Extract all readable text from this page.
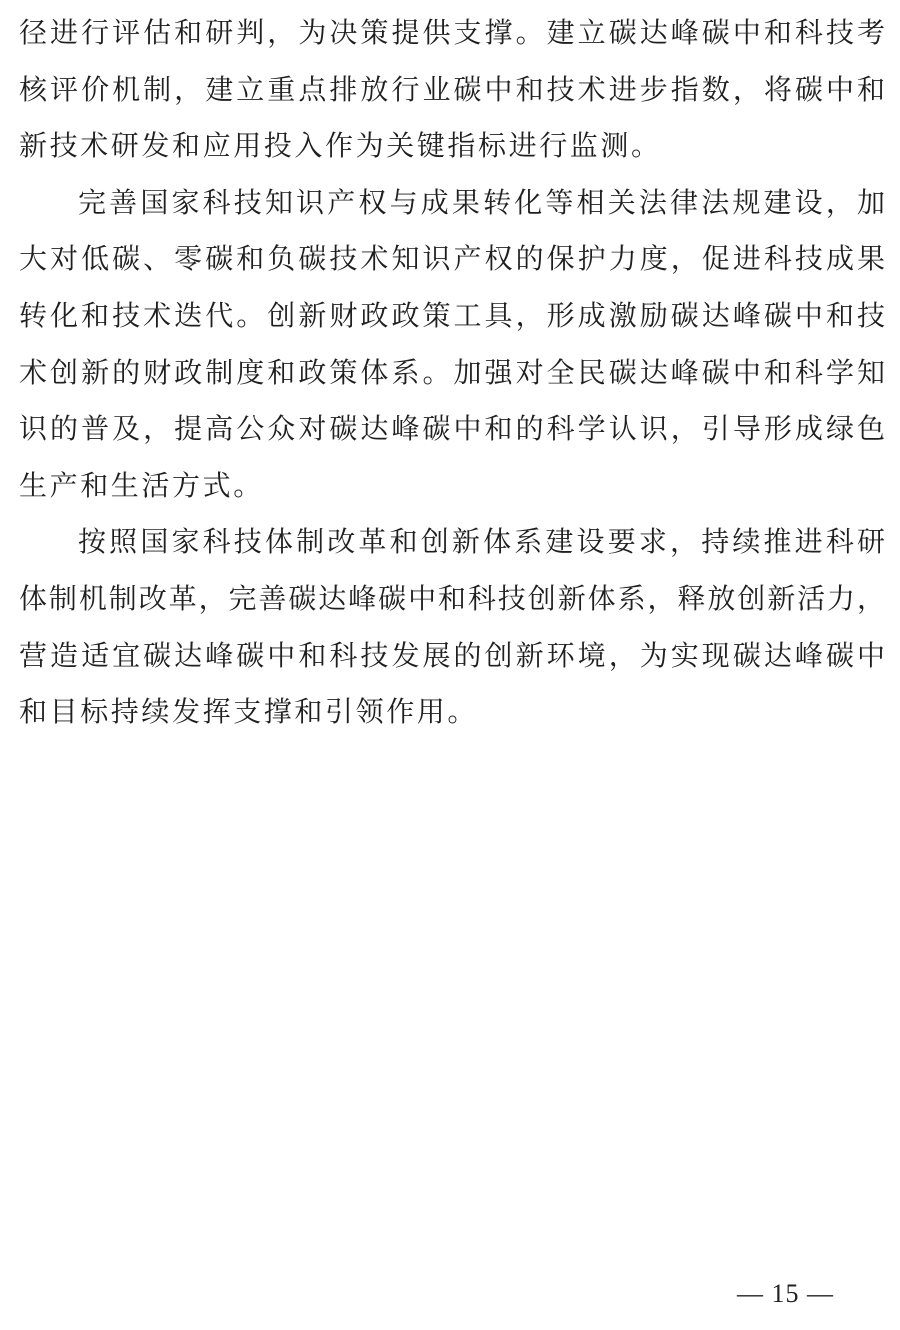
径进行评估和研判，为决策提供支撑。建立碳达峰碳中和科技考
核评价机制，建立重点排放行业碳中和技术进步指数，将碳中和
新技术研发和应用投入作为关键指标进行监测。
完善国家科技知识产权与成果转化等相关法律法规建设，加
大对低碳、零碳和负碳技术知识产权的保护力度，促进科技成果
转化和技术迭代。创新财政政策工具，形成激励碳达峰碳中和技
术创新的财政制度和政策体系。加强对全民碳达峰碳中和科学知
识的普及，提高公众对碳达峰碳中和的科学认识，引导形成绿色
生产和生活方式。
按照国家科技体制改革和创新体系建设要求，持续推进科研
体制机制改革，完善碳达峰碳中和科技创新体系，释放创新活力，
营造适宜碳达峰碳中和科技发展的创新环境，为实现碳达峰碳中
和目标持续发挥支撑和引领作用。
— 15 —
